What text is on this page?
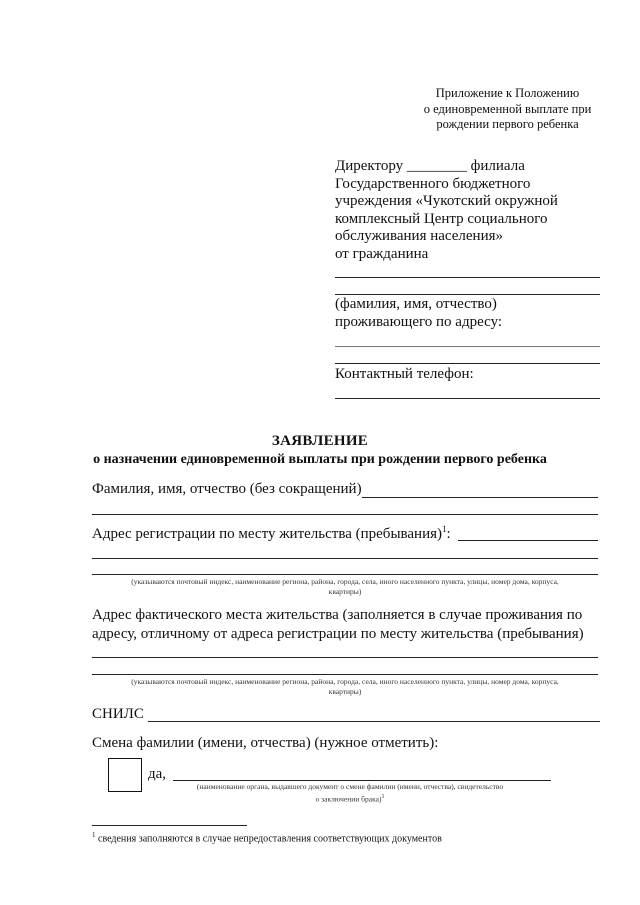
Приложение к Положению
о единовременной выплате при
рождении первого ребенка
Директору ________ филиала
Государственного бюджетного
учреждения «Чукотский окружной
комплексный Центр социального
обслуживания населения»
от гражданина
(фамилия, имя, отчество)
проживающего по адресу:
Контактный телефон:
ЗАЯВЛЕНИЕ
о назначении единовременной выплаты при рождении первого ребенка
Фамилия, имя, отчество (без сокращений)
Адрес регистрации по месту жительства (пребывания)$^1$:
(указываются почтовый индекс, наименование региона, района, города, села, иного населенного пункта, улицы, номер дома, корпуса,
квартиры)
Адрес фактического места жительства (заполняется в случае проживания по
адресу, отличному от адреса регистрации по месту жительства (пребывания)
(указываются почтовый индекс, наименование региона, района, города, села, иного населенного пункта, улицы, номер дома, корпуса,
квартиры)
СНИЛС
Смена фамилии (имени, отчества) (нужное отметить):
да,
(наименование органа, выдавшего документ о смене фамилии (имени, отчества), свидетельство
о заключении брака)$^1$
$^1$ сведения заполняются в случае непредоставления соответствующих документов
